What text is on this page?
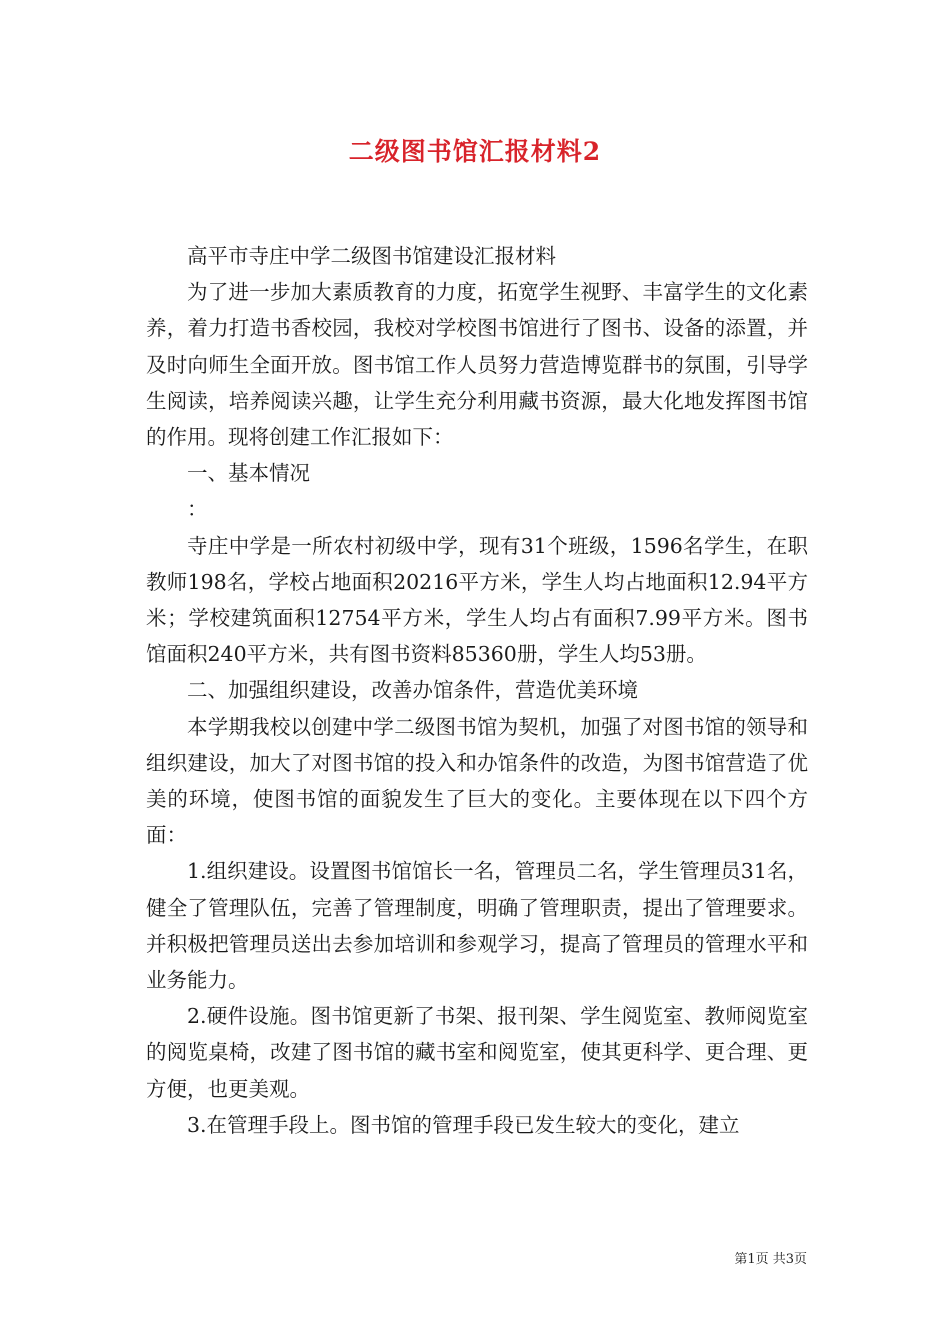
二级图书馆汇报材料2

高平市寺庄中学二级图书馆建设汇报材料

为了进一步加大素质教育的力度，拓宽学生视野、丰富学生的文化素养，着力打造书香校园，我校对学校图书馆进行了图书、设备的添置，并及时向师生全面开放。图书馆工作人员努力营造博览群书的氛围，引导学生阅读，培养阅读兴趣，让学生充分利用藏书资源，最大化地发挥图书馆的作用。现将创建工作汇报如下：

一、基本情况

：

寺庄中学是一所农村初级中学，现有31个班级，1596名学生，在职教师198名，学校占地面积20216平方米，学生人均占地面积12.94平方米；学校建筑面积12754平方米，学生人均占有面积7.99平方米。图书馆面积240平方米，共有图书资料85360册，学生人均53册。

二、加强组织建设，改善办馆条件，营造优美环境

本学期我校以创建中学二级图书馆为契机，加强了对图书馆的领导和组织建设，加大了对图书馆的投入和办馆条件的改造，为图书馆营造了优美的环境，使图书馆的面貌发生了巨大的变化。主要体现在以下四个方面：

1.组织建设。设置图书馆馆长一名，管理员二名，学生管理员31名，健全了管理队伍，完善了管理制度，明确了管理职责，提出了管理要求。并积极把管理员送出去参加培训和参观学习，提高了管理员的管理水平和业务能力。

2.硬件设施。图书馆更新了书架、报刊架、学生阅览室、教师阅览室的阅览桌椅，改建了图书馆的藏书室和阅览室，使其更科学、更合理、更方便，也更美观。

3.在管理手段上。图书馆的管理手段已发生较大的变化，建立

第1页 共3页
